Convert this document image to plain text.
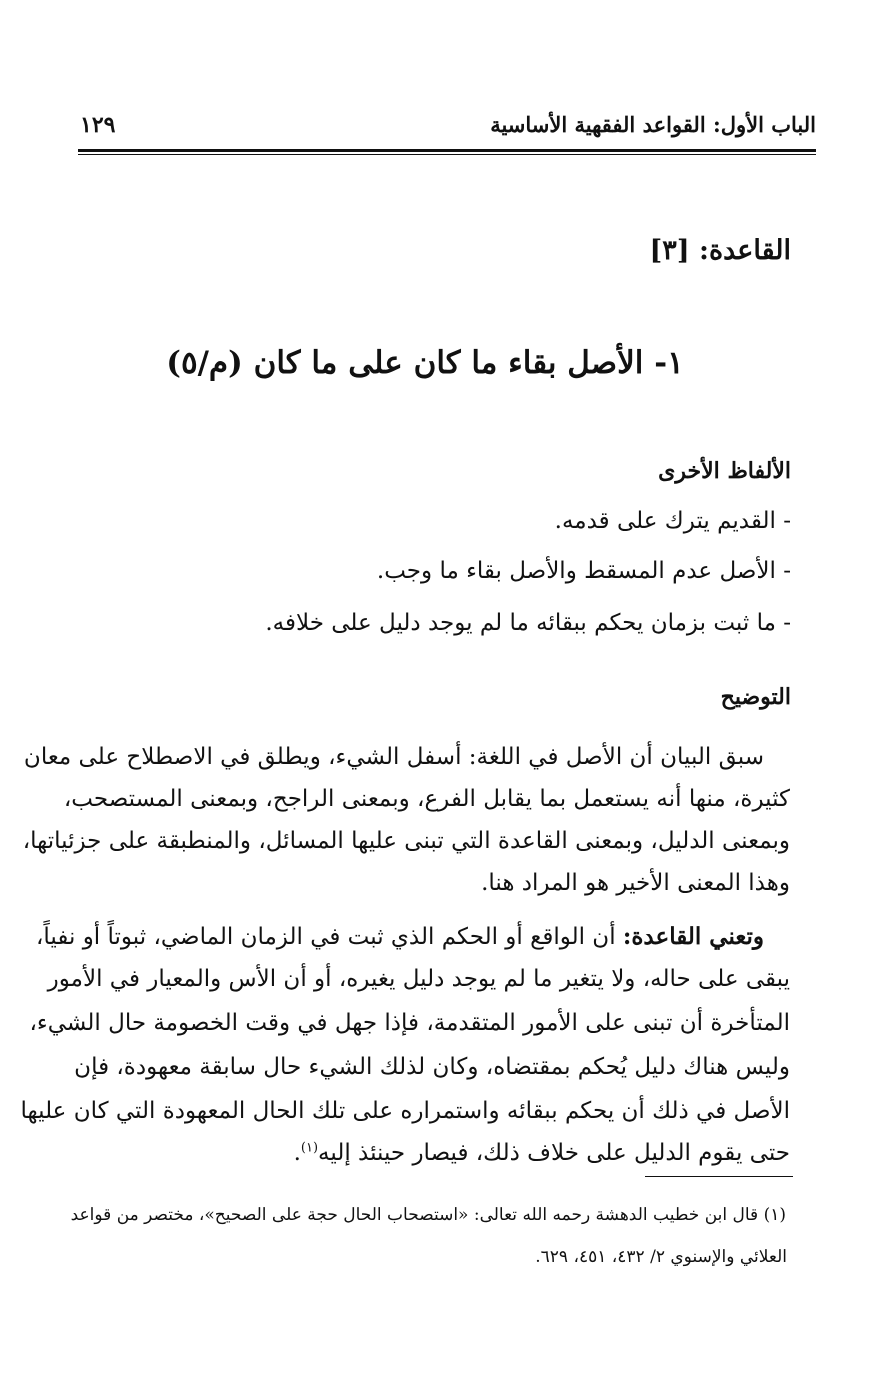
الباب الأول: القواعد الفقهية الأساسية
١٢٩
القاعدة: [٣]
١- الأصل بقاء ما كان على ما كان (م/٥)
الألفاظ الأخرى
- القديم يترك على قدمه.
- الأصل عدم المسقط والأصل بقاء ما وجب.
- ما ثبت بزمان يحكم ببقائه ما لم يوجد دليل على خلافه.
التوضيح
سبق البيان أن الأصل في اللغة: أسفل الشيء، ويطلق في الاصطلاح على معان
كثيرة، منها أنه يستعمل بما يقابل الفرع، وبمعنى الراجح، وبمعنى المستصحب،
وبمعنى الدليل، وبمعنى القاعدة التي تبنى عليها المسائل، والمنطبقة على جزئياتها،
وهذا المعنى الأخير هو المراد هنا.
وتعني القاعدة: أن الواقع أو الحكم الذي ثبت في الزمان الماضي، ثبوتاً أو نفياً،
يبقى على حاله، ولا يتغير ما لم يوجد دليل يغيره، أو أن الأس والمعيار في الأمور
المتأخرة أن تبنى على الأمور المتقدمة، فإذا جهل في وقت الخصومة حال الشيء،
وليس هناك دليل يُحكم بمقتضاه، وكان لذلك الشيء حال سابقة معهودة، فإن
الأصل في ذلك أن يحكم ببقائه واستمراره على تلك الحال المعهودة التي كان عليها
حتى يقوم الدليل على خلاف ذلك، فيصار حينئذ إليه$^{(١)}$.
(١) قال ابن خطيب الدهشة رحمه الله تعالى: «استصحاب الحال حجة على الصحيح»، مختصر من قواعد
العلائي والإسنوي ٢/ ٤٣٢، ٤٥١، ٦٢٩.
